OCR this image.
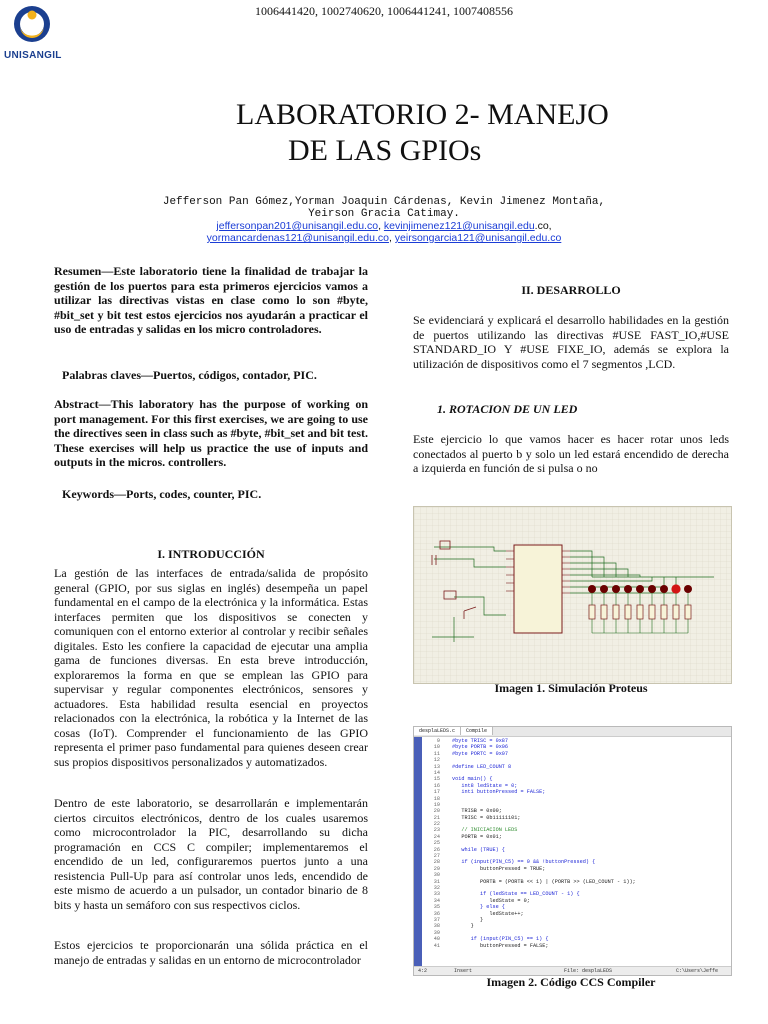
1006441420, 1002740620, 1006441241, 1007408556
UNISANGIL
LABORATORIO 2- MANEJO
DE LAS GPIOs
Jefferson Pan Gómez,Yorman Joaquin Cárdenas, Kevin Jimenez Montaña,
Yeirson Gracia Catimay.
jeffersonpan201@unisangil.edu.co, kevinjimenez121@unisangil.edu.co,
yormancardenas121@unisangil.edu.co, yeirsongarcia121@unisangil.edu.co
Resumen—Este laboratorio tiene la finalidad de trabajar la gestión de los puertos para esta primeros ejercicios vamos a utilizar las directivas vistas en clase como lo son #byte, #bit_set y bit test estos ejercicios nos ayudarán a practicar el uso de entradas y salidas en los micro controladores.
Palabras claves—Puertos, códigos, contador, PIC.
Abstract—This laboratory has the purpose of working on port management. For this first exercises, we are going to use the directives seen in class such as #byte, #bit_set and bit test. These exercises will help us practice the use of inputs and outputs in the micros. controllers.
Keywords—Ports, codes, counter, PIC.
I. INTRODUCCIÓN
La gestión de las interfaces de entrada/salida de propósito general (GPIO, por sus siglas en inglés) desempeña un papel fundamental en el campo de la electrónica y la informática. Estas interfaces permiten que los dispositivos se conecten y comuniquen con el entorno exterior al controlar y recibir señales digitales. Esto les confiere la capacidad de ejecutar una amplia gama de funciones diversas. En esta breve introducción, exploraremos la forma en que se emplean las GPIO para supervisar y regular componentes electrónicos, sensores y actuadores. Esta habilidad resulta esencial en proyectos relacionados con la electrónica, la robótica y la Internet de las cosas (IoT). Comprender el funcionamiento de las GPIO representa el primer paso fundamental para quienes deseen crear sus propios dispositivos personalizados y automatizados.
Dentro de este laboratorio, se desarrollarán e implementarán ciertos circuitos electrónicos, dentro de los cuales usaremos como microcontrolador la PIC, desarrollando su dicha programación en CCS C compiler; implementaremos el encendido de un led, configuraremos puertos junto a una resistencia Pull-Up para así controlar unos leds, encendido de este mismo de acuerdo a un pulsador, un contador binario de 8 bits y hasta un semáforo con sus respectivos ciclos.
Estos ejercicios te proporcionarán una sólida práctica en el manejo de entradas y salidas en un entorno de microcontrolador
II. DESARROLLO
Se evidenciará y explicará el desarrollo habilidades en la gestión de puertos utilizando las directivas #USE FAST_IO,#USE STANDARD_IO Y #USE FIXE_IO, además se explora la utilización de dispositivos como el 7 segmentos ,LCD.
1. ROTACION DE UN LED
Este ejercicio lo que vamos hacer es hacer rotar unos leds conectados al puerto b y solo un led estará encendido de derecha a izquierda en función de si pulsa o no
Imagen 1. Simulación Proteus
desplaLEDS.c Compile
9 #byte TRISC = 0x87
10 #byte PORTB = 0x06
11 #byte PORTC = 0x07
12
13 #define LED_COUNT 8
14
15 void main() {
16   int8 ledState = 0;
17   int1 buttonPressed = FALSE;
18
19
20   TRISB = 0x00;
21   TRISC = 0b11111101;
22
23   // INICIACION LEDS
24   PORTB = 0x01;
25
26   while (TRUE) {
27
28   if (input(PIN_C5) == 0 && !buttonPressed) {
29         buttonPressed = TRUE;
30
31         PORTB = (PORTB << 1) | (PORTB >> (LED_COUNT - 1));
32
33         if (ledState == LED_COUNT - 1) {
34            ledState = 0;
35         } else {
36            ledState++;
37         }
38      }
39
40      if (input(PIN_C5) == 1) {
41         buttonPressed = FALSE;
4:2	Insert	File: desplaLEDS	C:\Users\Jeffe
Imagen 2. Código CCS Compiler
